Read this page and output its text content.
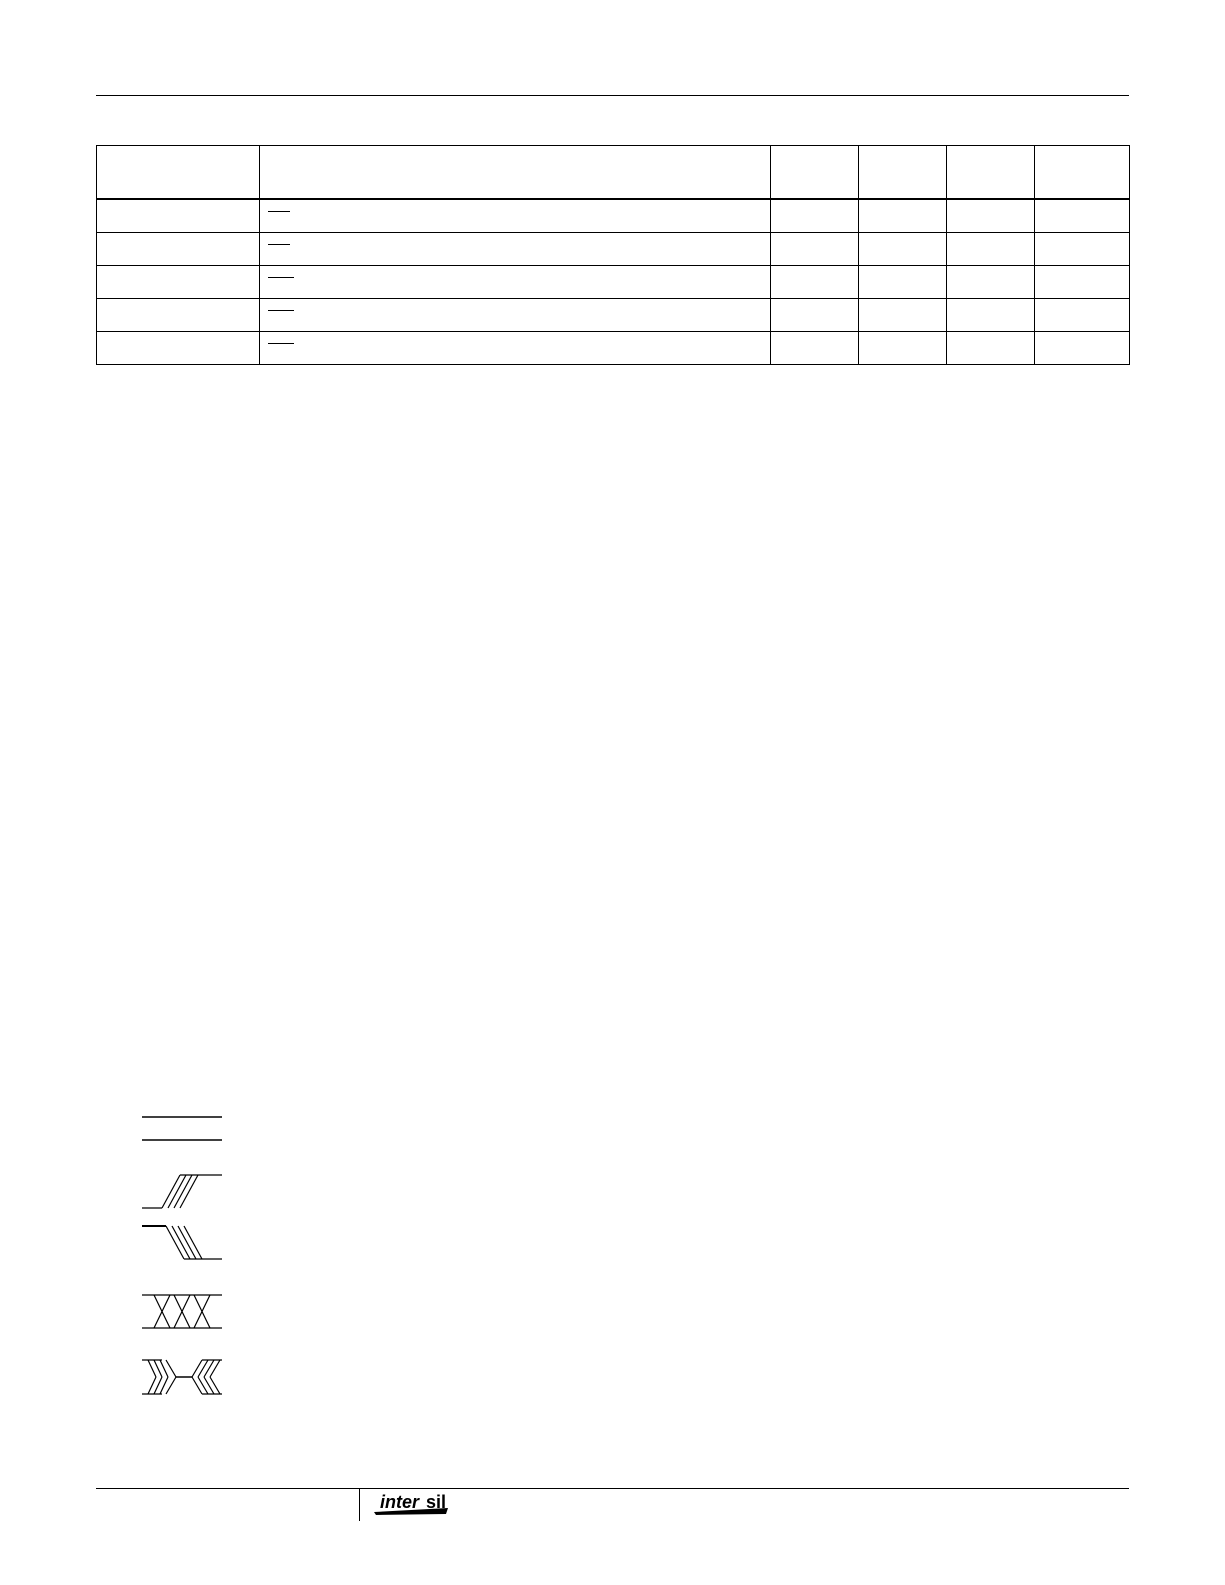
inter sil
